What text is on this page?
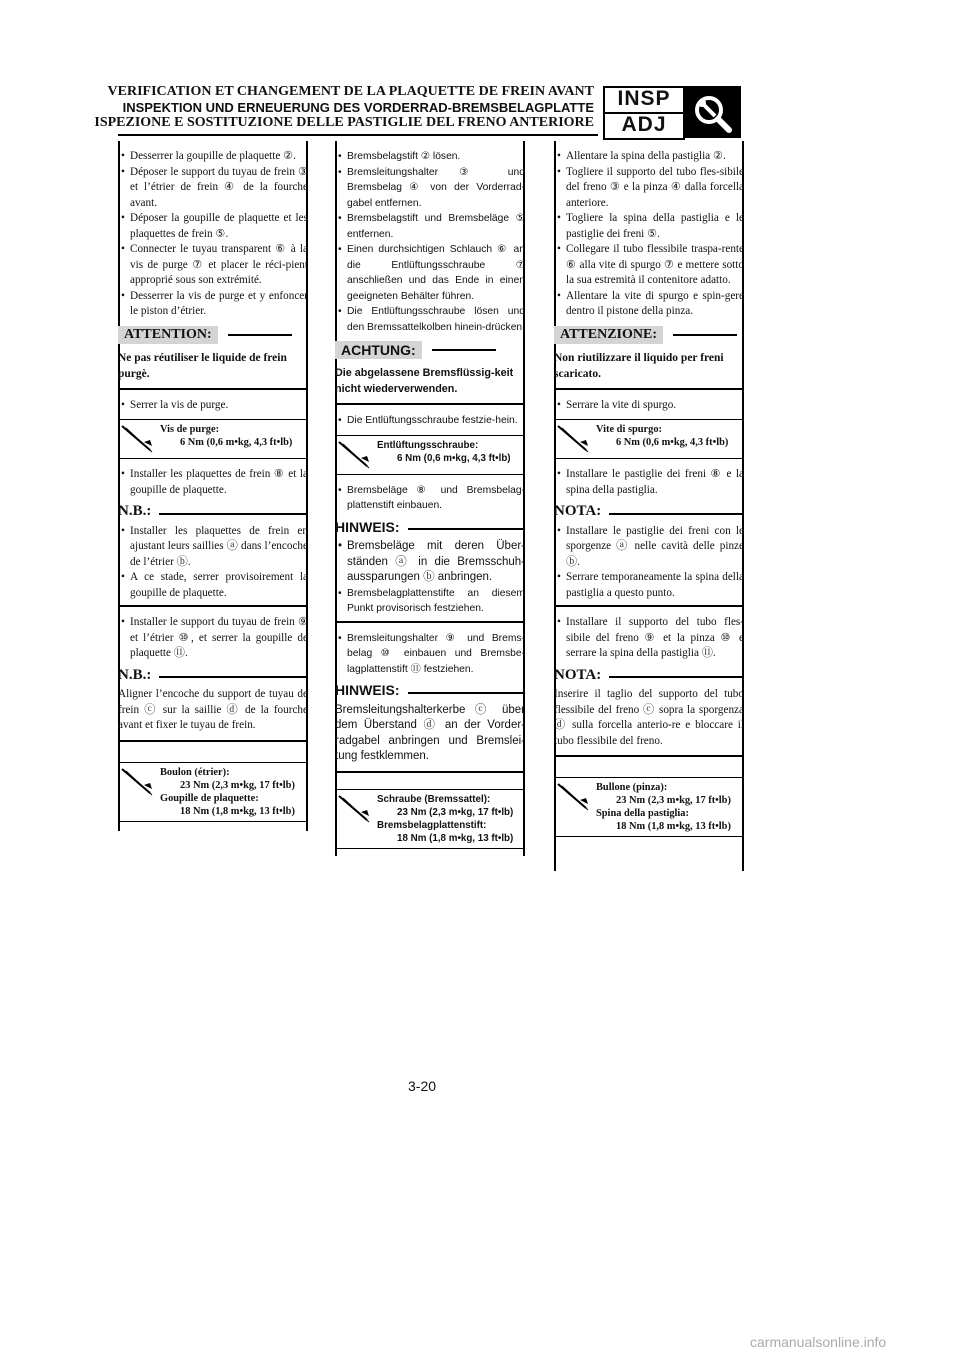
VERIFICATION ET CHANGEMENT DE LA PLAQUETTE DE FREIN AVANT
INSPEKTION UND ERNEUERUNG DES VORDERRAD-BREMSBELAGPLATTE
ISPEZIONE E SOSTITUZIONE DELLE PASTIGLIE DEL FRENO ANTERIORE
INSP
ADJ

• Desserrer la goupille de plaquette ②.

• Déposer le support du tuyau de frein ③ et l’étrier de frein ④ de la fourche avant.

• Déposer la goupille de plaquette et les plaquettes de frein ⑤.

• Connecter le tuyau transparent ⑥ à la vis de purge ⑦ et placer le réci-pient approprié sous son extrémité.

• Desserrer la vis de purge et y enfoncer le piston d’étrier.

ATTENTION:

Ne pas réutiliser le liquide de frein purgè.

• Serrer la vis de purge.

Vis de purge:
6 Nm (0,6 m•kg, 4,3 ft•lb)

• Installer les plaquettes de frein ⑧ et la goupille de plaquette.

N.B.:

• Installer les plaquettes de frein en ajustant leurs saillies ⓐ dans l’encoche de l’étrier ⓑ.

• A ce stade, serrer provisoirement la goupille de plaquette.

• Installer le support du tuyau de frein ⑨ et l’étrier ⑩, et serrer la goupille de plaquette ⑪.

N.B.:

Aligner l’encoche du support de tuyau de frein ⓒ sur la saillie ⓓ de la fourche avant et fixer le tuyau de frein.

Boulon (étrier):
23 Nm (2,3 m•kg, 17 ft•lb)
Goupille de plaquette:
18 Nm (1,8 m•kg, 13 ft•lb)

• Bremsbelagstift ② lösen.

• Bremsleitungshalter ③ und Bremsbelag ④ von der Vorderrad-gabel entfernen.

• Bremsbelagstift und Bremsbeläge ⑤ entfernen.

• Einen durchsichtigen Schlauch ⑥ an die Entlüftungsschraube ⑦ anschließen und das Ende in einen geeigneten Behälter führen.

• Die Entlüftungsschraube lösen und den Bremssattelkolben hinein-drücken.

ACHTUNG:

Die abgelassene Bremsflüssig-keit nicht wiederverwenden.

• Die Entlüftungsschraube festzie-hein.

Entlüftungsschraube:
6 Nm (0,6 m•kg, 4,3 ft•lb)

• Bremsbeläge ⑧ und Bremsbelag-plattenstift einbauen.

HINWEIS:

• Bremsbeläge mit deren Über-ständen ⓐ in die Bremsschuh-aussparungen ⓑ anbringen.

• Bremsbelagplattenstifte an diesem Punkt provisorisch festziehen.

• Bremsleitungshalter ⑨ und Brems-belag ⑩ einbauen und Bremsbe-lagplattenstift ⑪ festziehen.

HINWEIS:

Bremsleitungshalterkerbe ⓒ über dem Überstand ⓓ an der Vorder-radgabel anbringen und Bremslei-tung festklemmen.

Schraube (Bremssattel):
23 Nm (2,3 m•kg, 17 ft•lb)
Bremsbelagplattenstift:
18 Nm (1,8 m•kg, 13 ft•lb)

• Allentare la spina della pastiglia ②.

• Togliere il supporto del tubo fles-sibile del freno ③ e la pinza ④ dalla forcella anteriore.

• Togliere la spina della pastiglia e le pastiglie dei freni ⑤.

• Collegare il tubo flessibile traspa-rente ⑥ alla vite di spurgo ⑦ e mettere sotto la sua estremità il contenitore adatto.

• Allentare la vite di spurgo e spin-gere dentro il pistone della pinza.

ATTENZIONE:

Non riutilizzare il liquido per freni scaricato.

• Serrare la vite di spurgo.

Vite di spurgo:
6 Nm (0,6 m•kg, 4,3 ft•lb)

• Installare le pastiglie dei freni ⑧ e la spina della pastiglia.

NOTA:

• Installare le pastiglie dei freni con le sporgenze ⓐ nelle cavità delle pinze ⓑ.

• Serrare temporaneamente la spina della pastiglia a questo punto.

• Installare il supporto del tubo fles-sibile del freno ⑨ et la pinza ⑩ e serrare la spina della pastiglia ⑪.

NOTA:

Inserire il taglio del supporto del tubo flessibile del freno ⓒ sopra la sporgenza ⓓ sulla forcella anterio-re e bloccare il tubo flessibile del freno.

Bullone (pinza):
23 Nm (2,3 m•kg, 17 ft•lb)
Spina della pastiglia:
18 Nm (1,8 m•kg, 13 ft•lb)
3-20
carmanualsonline.info
